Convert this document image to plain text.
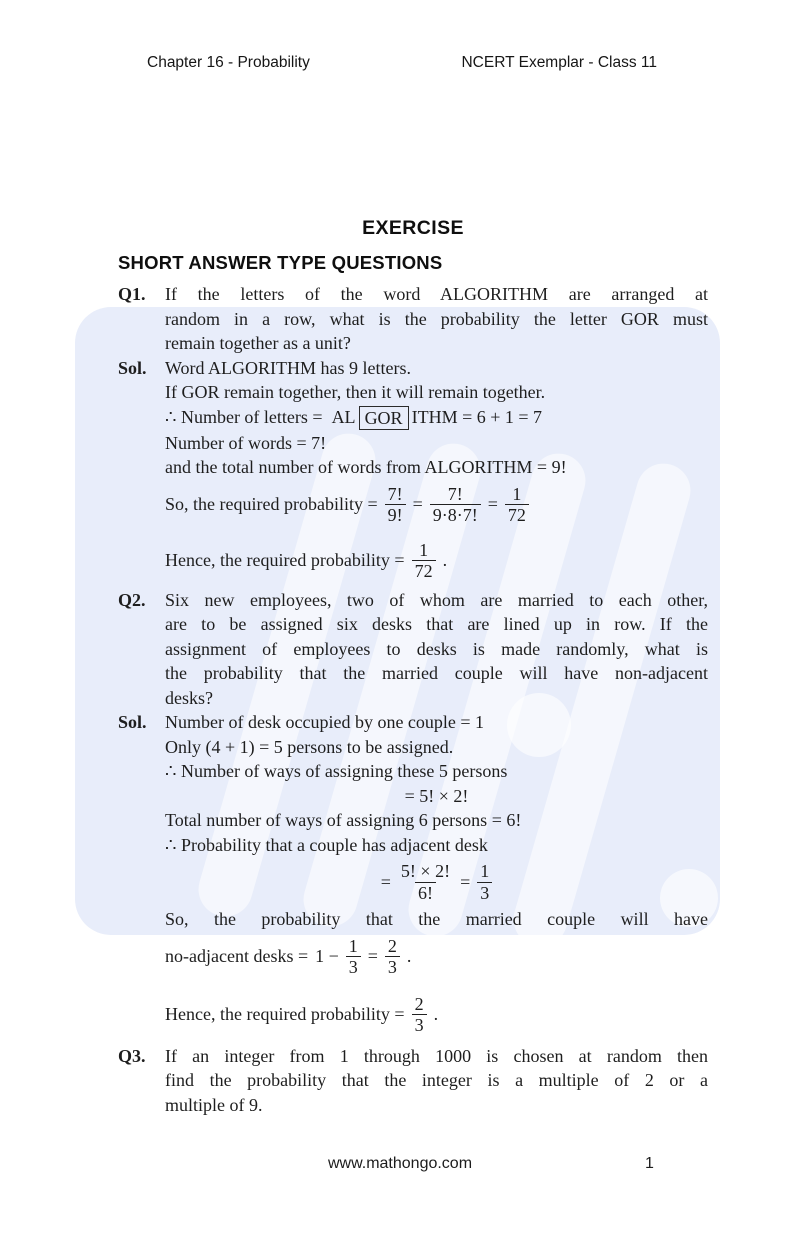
Chapter 16 - Probability	NCERT Exemplar - Class 11
EXERCISE
SHORT ANSWER TYPE QUESTIONS
Q1.	If the letters of the word ALGORITHM are arranged at
random in a row, what is the probability the letter GOR must
remain together as a unit?
Sol.	Word ALGORITHM has 9 letters.
If GOR remain together, then it will remain together.
∴ Number of letters = AL GOR ITHM = 6 + 1 = 7
Number of words = 7!
and the total number of words from ALGORITHM = 9!
So, the required probability = $\frac{7!}{9!} = \frac{7!}{9\cdot 8\cdot 7!} = \frac{1}{72}$
Hence, the required probability = $\frac{1}{72}$ .
Q2.	Six new employees, two of whom are married to each other,
are to be assigned six desks that are lined up in row. If the
assignment of employees to desks is made randomly, what is
the probability that the married couple will have non-adjacent
desks?
Sol.	Number of desk occupied by one couple = 1
Only (4 + 1) = 5 persons to be assigned.
∴ Number of ways of assigning these 5 persons
= 5! × 2!
Total number of ways of assigning 6 persons = 6!
∴ Probability that a couple has adjacent desk
= $\frac{5! \times 2!}{6!} = \frac{1}{3}$
So, the probability that the married couple will have
no-adjacent desks = $1 - \frac{1}{3} = \frac{2}{3}$ .
Hence, the required probability = $\frac{2}{3}$ .
Q3.	If an integer from 1 through 1000 is chosen at random then
find the probability that the integer is a multiple of 2 or a
multiple of 9.
www.mathongo.com	1
